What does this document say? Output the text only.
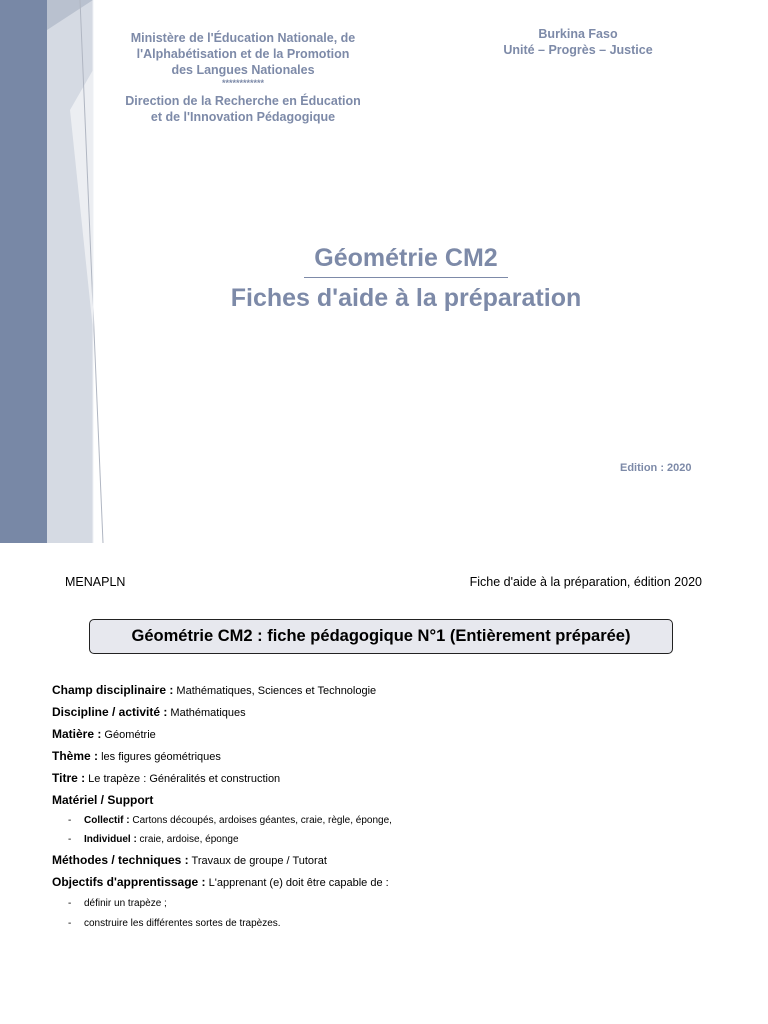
Ministère de l'Éducation Nationale, de
l'Alphabétisation et de la Promotion
des Langues Nationales
************
Direction de la Recherche en Éducation
et de l'Innovation Pédagogique
Burkina Faso
Unité – Progrès – Justice
Géométrie CM2
Fiches d'aide à la préparation
Edition : 2020
MENAPLN	Fiche d'aide à la préparation, édition 2020
Géométrie CM2 : fiche pédagogique N°1 (Entièrement préparée)
Champ disciplinaire : Mathématiques, Sciences et Technologie
Discipline / activité : Mathématiques
Matière : Géométrie
Thème : les figures géométriques
Titre : Le trapèze : Généralités et construction
Matériel / Support
- Collectif : Cartons découpés, ardoises géantes, craie, règle, éponge,
- Individuel : craie, ardoise, éponge
Méthodes / techniques : Travaux de groupe / Tutorat
Objectifs d'apprentissage : L'apprenant (e) doit être capable de :
- définir un trapèze ;
- construire les différentes sortes de trapèzes.
